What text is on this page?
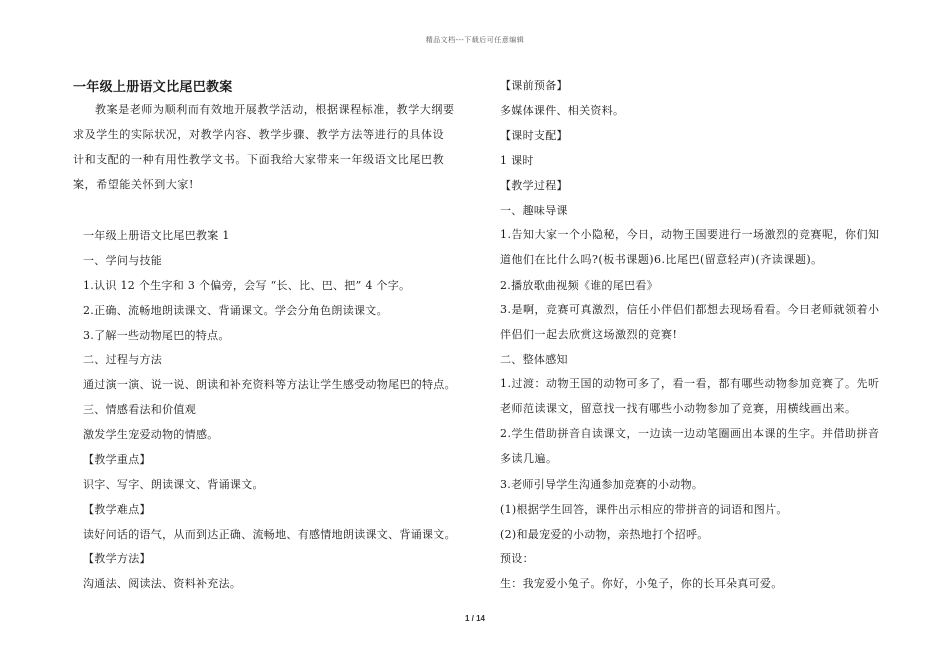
精品文档---下载后可任意编辑
一年级上册语文比尾巴教案
教案是老师为顺利而有效地开展教学活动，根据课程标准，教学大纲要求及学生的实际状况，对教学内容、教学步骤、教学方法等进行的具体设计和支配的一种有用性教学文书。下面我给大家带来一年级语文比尾巴教案，希望能关怀到大家!
一年级上册语文比尾巴教案 1
一、学问与技能
1.认识 12 个生字和 3 个偏旁，会写 “长、比、巴、把” 4 个字。
2.正确、流畅地朗读课文、背诵课文。学会分角色朗读课文。
3.了解一些动物尾巴的特点。
二、过程与方法
通过演一演、说一说、朗读和补充资料等方法让学生感受动物尾巴的特点。
三、情感看法和价值观
激发学生宠爱动物的情感。
【教学重点】
识字、写字、朗读课文、背诵课文。
【教学难点】
读好问话的语气，从而到达正确、流畅地、有感情地朗读课文、背诵课文。
【教学方法】
沟通法、阅读法、资料补充法。
【课前预备】
多媒体课件、相关资料。
【课时支配】
1 课时
【教学过程】
一、趣味导课
1.告知大家一个小隐秘，今日，动物王国要进行一场激烈的竞赛呢，你们知道他们在比什么吗?(板书课题)6.比尾巴(留意轻声)(齐读课题)。
2.播放歌曲视频《谁的尾巴看》
3.是啊，竞赛可真激烈，信任小伴侣们都想去现场看看。今日老师就领着小伴侣们一起去欣赏这场激烈的竞赛!
二、整体感知
1.过渡：动物王国的动物可多了，看一看，都有哪些动物参加竞赛了。先听老师范读课文，留意找一找有哪些小动物参加了竞赛，用横线画出来。
2.学生借助拼音自读课文，一边读一边动笔圈画出本课的生字。并借助拼音多读几遍。
3.老师引导学生沟通参加竞赛的小动物。
(1)根据学生回答，课件出示相应的带拼音的词语和图片。
(2)和最宠爱的小动物，亲热地打个招呼。
预设：
生：我宠爱小兔子。你好，小兔子，你的长耳朵真可爱。
1 / 14
